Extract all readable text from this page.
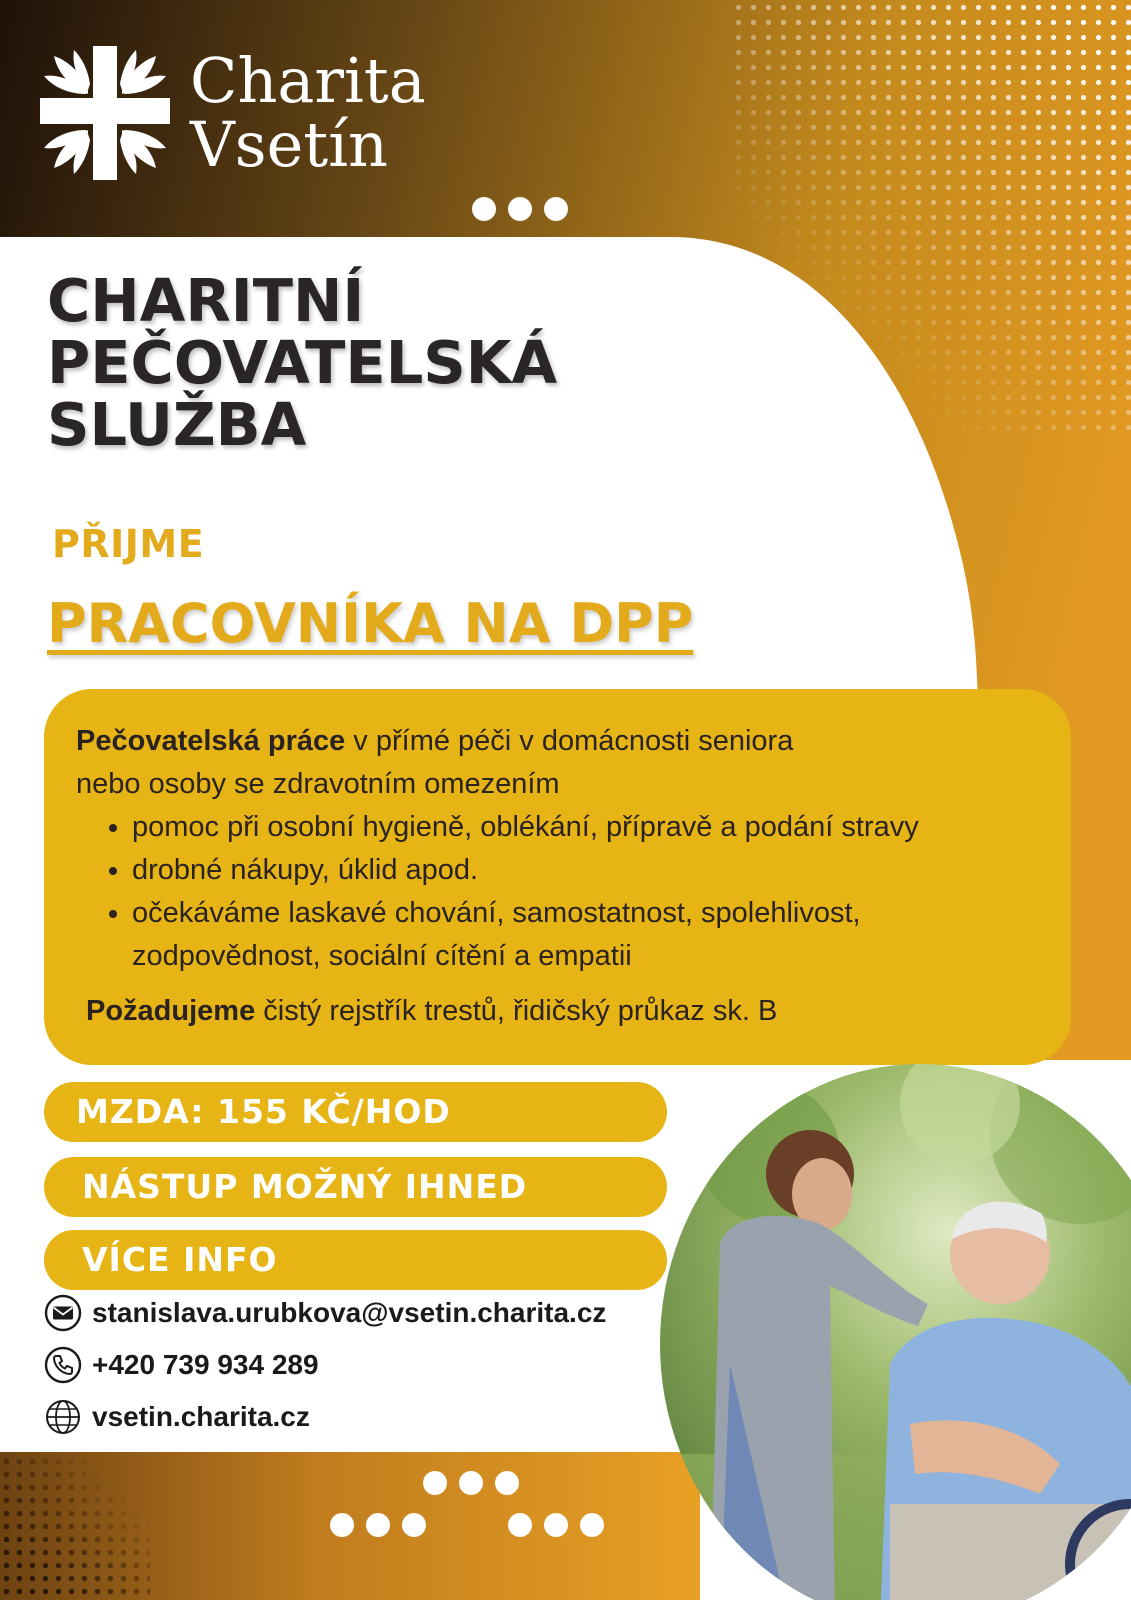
Charita
Vsetín
CHARITNÍ
PEČOVATELSKÁ
SLUŽBA
PŘIJME
PRACOVNÍKA NA DPP

Pečovatelská práce v přímé péči v domácnosti seniora

nebo osoby se zdravotním omezením

• pomoc při osobní hygieně, oblékání, přípravě a podání stravy
• drobné nákupy, úklid apod.
• očekáváme laskavé chování, samostatnost, spolehlivost,
zodpovědnost, sociální cítění a empatii

Požadujeme čistý rejstřík trestů, řidičský průkaz sk. B

MZDA: 155 KČ/HOD
NÁSTUP MOŽNÝ IHNED
VÍCE INFO
stanislava.urubkova@vsetin.charita.cz
+420 739 934 289
vsetin.charita.cz
